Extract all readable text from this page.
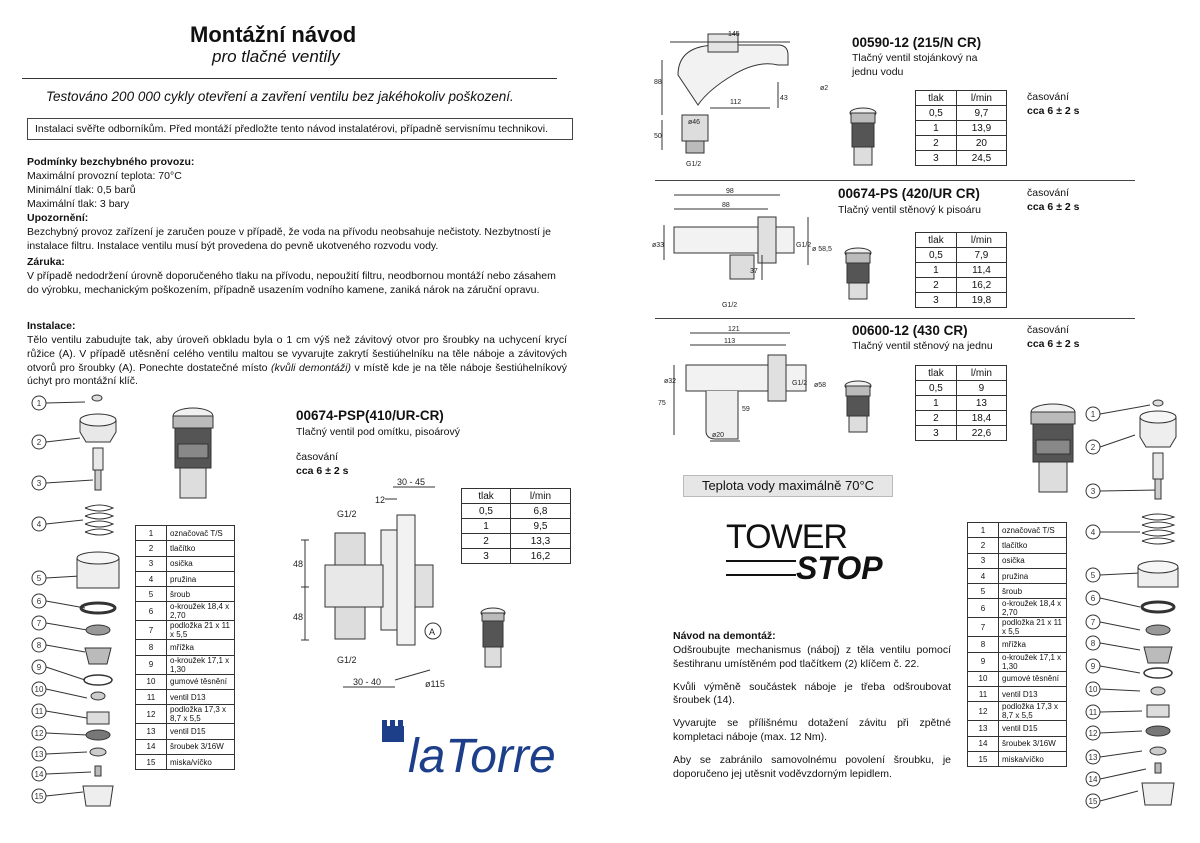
Montážní návod
pro tlačné ventily
Testováno 200 000 cykly otevření a zavření ventilu bez jakéhokoliv poškození.
Instalaci svěřte odborníkům. Před montáží předložte tento návod instalatérovi, případně servisnímu technikovi.
Podmínky bezchybného provozu:
Maximální provozní teplota: 70°C
Minimální tlak: 0,5 barů
Maximální tlak: 3 bary
Upozornění:
Bezchybný provoz zařízení je zaručen pouze v případě, že voda na přívodu neobsahuje nečistoty. Nezbytností je instalace filtru. Instalace ventilu musí být provedena do pevně ukotveného rozvodu vody.
Záruka:
V případě nedodržení úrovně doporučeného tlaku na přívodu, nepoužití filtru, neodbornou montáží nebo zásahem do výrobku, mechanickým poškozením, případně usazením vodního kamene, zaniká nárok na záruční opravu.
Instalace:
Tělo ventilu zabudujte tak, aby úroveň obkladu byla o 1 cm výš než závitový otvor pro šroubky na uchycení krycí růžice (A). V případě utěsnění celého ventilu maltou se vyvarujte zakrytí šestiúhelníku na těle náboje a závitových otvorů pro šroubky (A). Ponechte dostatečné místo (kvůli demontáži) v místě kde je na těle náboje šestiúhelníkový úchyt pro montážní klíč.
1
2
3
4
5
6
7
8
9
10
11
12
13
14
15
1	označovač T/S
2	tlačítko
3	osička
4	pružina
5	šroub
6	o-kroužek 18,4 x 2,70
7	podložka 21 x 11 x 5,5
8	mřížka
9	o-kroužek 17,1 x 1,30
10	gumové těsnění
11	ventil D13
12	podložka 17,3 x 8,7 x 5,5
13	ventil D15
14	šroubek 3/16W
15	miska/víčko
00674-PSP(410/UR-CR)
Tlačný ventil pod omítku, pisoárový
časování
cca 6 ± 2 s
tlak	l/min
0,5	6,8
1	9,5
2	13,3
3	16,2
30 - 45
12
G1/2
48
48
G1/2
30 - 40	ø115
A
laTorre
145
88
112
43
50
ø46
G1/2
ø2
00590-12 (215/N CR)
Tlačný ventil stojánkový na
jednu vodu
tlak	l/min
0,5	9,7
1	13,9
2	20
3	24,5
časování
cca 6 ± 2 s
98
88
ø33	G1/2
ø 58,5
37
G1/2
00674-PS (420/UR CR)
Tlačný ventil stěnový k pisoáru
tlak	l/min
0,5	7,9
1	11,4
2	16,2
3	19,8
časování
cca 6 ± 2 s
121
113
ø32	G1/2 ø58
75
59
ø20
00600-12 (430 CR)
Tlačný ventil stěnový na jednu
tlak	l/min
0,5	9
1	13
2	18,4
3	22,6
časování
cca 6 ± 2 s
Teplota vody maximálně 70°C
TOWER
STOP
Návod na demontáž:

Odšroubujte mechanismus (náboj) z těla ventilu pomocí šestihranu umístěném pod tlačítkem (2) klíčem č. 22.

Kvůli výměně součástek náboje je třeba odšroubovat šroubek (14).

Vyvarujte se přílišnému dotažení závitu při zpětné kompletaci náboje (max. 12 Nm).

Aby se zabránilo samovolnému povolení šroubku, je doporučeno jej utěsnit voděvzdorným lepidlem.

1	označovač T/S
2	tlačítko
3	osička
4	pružina
5	šroub
6	o-kroužek 18,4 x 2,70
7	podložka 21 x 11 x 5,5
8	mřížka
9	o-kroužek 17,1 x 1,30
10	gumové těsnění
11	ventil D13
12	podložka 17,3 x 8,7 x 5,5
13	ventil D15
14	šroubek 3/16W
15	miska/víčko
1
2
3
4
5
6
7
8
9
10
11
12
13
14
15
